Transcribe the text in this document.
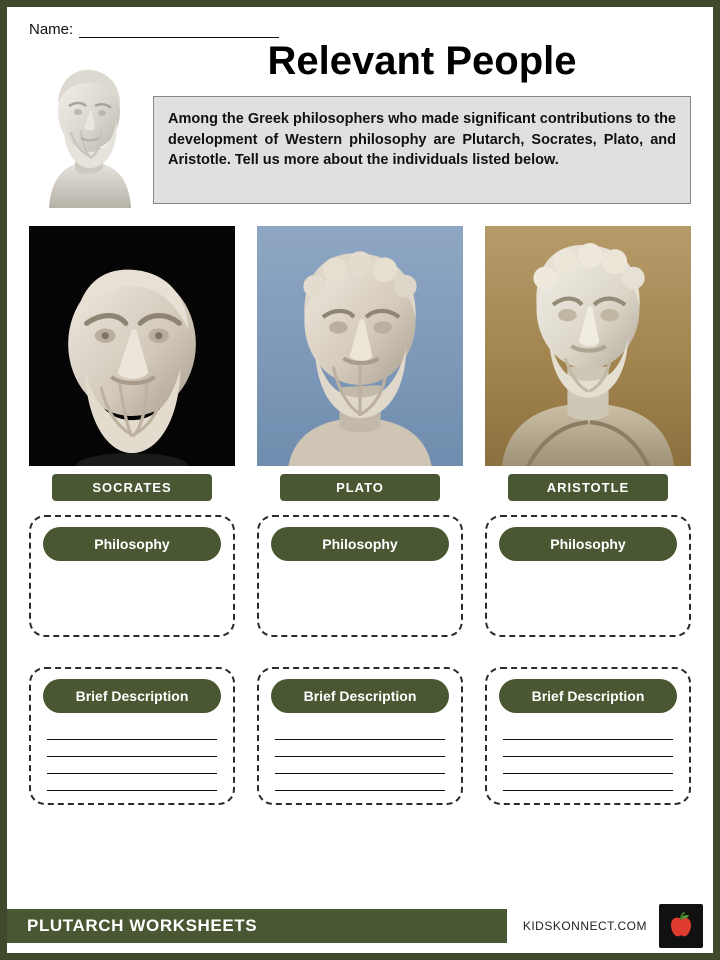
Name:
Relevant People
Among the Greek philosophers who made significant contributions to the development of Western philosophy are Plutarch, Socrates, Plato, and Aristotle. Tell us more about the individuals listed below.
SOCRATES	PLATO	ARISTOTLE
Philosophy	Philosophy	Philosophy
Brief Description	Brief Description	Brief Description
PLUTARCH WORKSHEETS	KIDSKONNECT.COM
